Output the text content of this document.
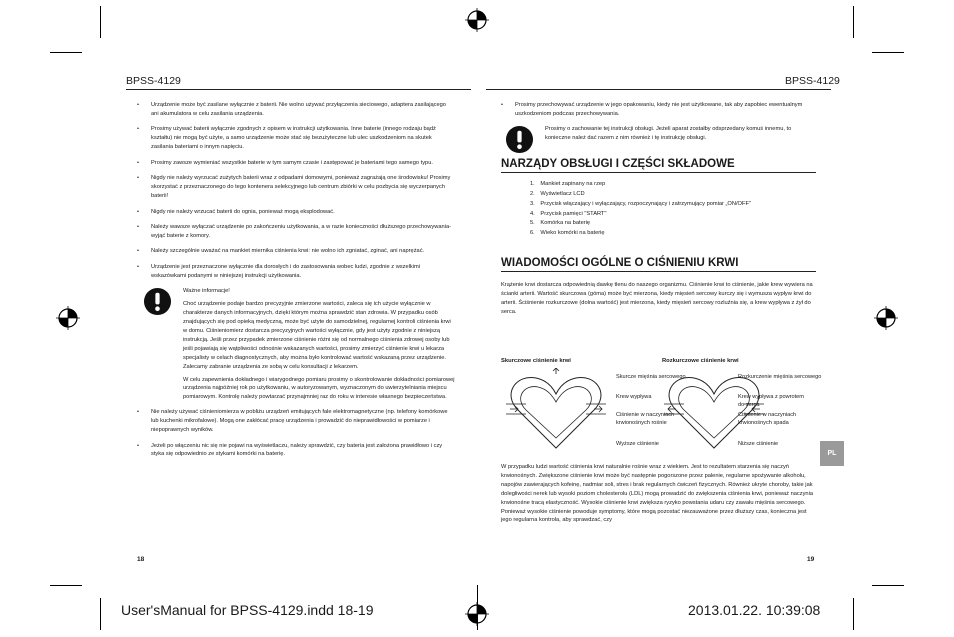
BPSS-4129	BPSS-4129
• Urządzenie może być zasilane wyłącznie z baterii. Nie wolno używać przyłączenia sieciowego, adaptera zasilającego ani akumulatora w celu zasilania urządzenia.
• Prosimy używać baterii wyłącznie zgodnych z opisem w instrukcji użytkowania. Inne baterie (innego rodzaju bądź kształtu) nie mogą być użyte, a samo urządzenie może stać się bezużyteczne lub ulec uszkodzeniom na skutek zasilania bateriami o innym napięciu.
• Prosimy zawsze wymieniać wszystkie baterie w tym samym czasie i zastępować je bateriami tego samego typu.
• Nigdy nie należy wyrzucać zużytych baterii wraz z odpadami domowymi, ponieważ zagrażają one środowisku! Prosimy skorzystać z przeznaczonego do tego kontenera selekcyjnego lub centrum zbiórki w celu pozbycia się wyczerpanych baterii!
• Nigdy nie należy wrzucać baterii do ognia, ponieważ mogą eksplodować.
• Należy wawsze wyłączać urządzenie po zakończeniu użytkowania, a w razie konieczności dłuższego przechowywania- wyjąć baterie z komory.
• Należy szczególnie uważać na mankiet miernika ciśnienia krwi: nie wolno ich zgniatać, zginać, ani naprężać.
• Urządzenie jest przeznaczone wyłącznie dla dorosłych i do zastosowania wobec ludzi, zgodnie z wszelkimi wskazówkami podanymi w niniejszej instrukcji użytkowania.

Ważne informacje!

Choć urządzenie podaje bardzo precyzyjnie zmierzone wartości, zaleca się ich użycie wyłącznie w charakterze danych informacyjnych, dzięki którym można sprawdzić stan zdrowia. W przypadku osób znajdujących się pod opieką medyczną, może być użyte do samodzielnej, regularnej kontroli ciśnienia krwi w domu. Ciśnieniomierz dostarcza precyzyjnych wartości wyłącznie, gdy jest użyty zgodnie z niniejszą instrukcją. Jeśli przez przypadek zmierzone ciśnienie różni się od normalnego ciśnienia zdrowej osoby lub jeśli pojawiają się wątpliwości odnośnie wskazanych wartości, prosimy zmierzyć ciśnienie krwi u lekarza specjalisty w celach diagnostycznych, aby można było kontrolować wartość wskazaną przez urządzenie. Zalecamy zabranie urządzenia ze sobą w celu konsultacji z lekarzem.

W celu zapewnienia dokładnego i wiarygodnego pomiaru prosimy o skontrolowanie dokładności pomiarowej urządzenia najpóźniej rok po użytkowaniu, w autoryzowanym, wyznaczonym do uwierzytelniania miejscu pomiarowym. Kontrolę należy powtarzać przynajmniej raz do roku w interesie własnego bezpieczeństwa.

• Nie należy używać ciśnieniomierza w pobliżu urządzeń emitujących fale elektromagnetyczne (np. telefony komórkowe lub kuchenki mikrofalowe). Mogą one zakłócać pracę urządzenia i prowadzić do nieprawidłowości w pomiarze i niepoprawnych wyników.
• Jeżeli po włączeniu nic się nie pojawi na wyświetlaczu, należy sprawdzić, czy bateria jest założona prawidłowo i czy styka się odpowiednio ze stykami komórki na baterię.
18
• Prosimy przechowywać urządzenie w jego opakowaniu, kiedy nie jest użytkowane, tak aby zapobiec ewentualnym uszkodzeniom podczas przechowywania.

Prosimy o zachowanie tej instrukcji obsługi. Jeżeli aparat zostałby odsprzedany komuś innemu, to konieczne należ dać razem z nim również i tę instrukcję obsługi.

NARZĄDY OBSŁUGI I CZĘŚCI SKŁADOWE

1. Mankiet zapinany na rzep
2. Wyświetlacz LCD
3. Przycisk włączający i wyłączający, rozpoczynający i zatrzymujący pomiar „ON/OFF"
4. Przycisk pamięci "START"
5. Komórka na baterię
6. Wieko komórki na baterię

WIADOMOŚCI OGÓLNE O CIŚNIENIU KRWI

Krążenie krwi dostarcza odpowiednią dawkę tlenu do naszego organizmu. Ciśnienie krwi to ciśnienie, jakie krew wywiera na ścianki arterii. Wartość skurczowa (góma) może być mierzona, kiedy mięsień sercowy kurczy się i wymusza wypływ krwi do arterii. Ściśnienie rozkurczowe (dolna wartość) jest mierzona, kiedy mięsień sercowy rozluźnia się, a krew wypływa z żył do serca.

Skurczowe ciśnienie krwi	Rozkurczowe ciśnienie krwi
Skurcze mięśnia sercowego
Krew wypływa
Ciśnienie w naczyniach krwionośnych rośnie
Wyższe ciśnienie
Rozkurczenie mięśnia sercowego
Krew wypływa z powrotem do serca
Ciśnienie w naczyniach krwionośnych spada
Niższe ciśnienie

W przypadku ludzi wartość ciśnienia krwi naturalnie rośnie wraz z wiekiem. Jest to rezultatem starzenia się naczyń krwionośnych. Zwiększone ciśnienie krwi może być następnie pogorszone przez palenie, regularne spożywanie alkoholu, napojów zawierających kofeinę, nadmiar soli, stres i brak regularnych ćwiczeń fizycznych. Również ukryte choroby, takie jak dolegliwości nerek lub wysoki poziom cholesterolu (LDL) mogą prowadzić do zwiększenia ciśnienia krwi, ponieważ naczynia krwionośne tracą elastyczność. Wysokie ciśnienie krwi zwiększa ryzyko powstania udaru czy zawału mięśnia sercowego. Ponieważ wysokie ciśnienie powoduje symptomy, które mogą pozostać niezauważone przez dłuższy czas, konieczna jest jego regularna kontrola, aby sprawdzać, czy

19
PL
User'sManual for BPSS-4129.indd 18-19	2013.01.22. 10:39:08
